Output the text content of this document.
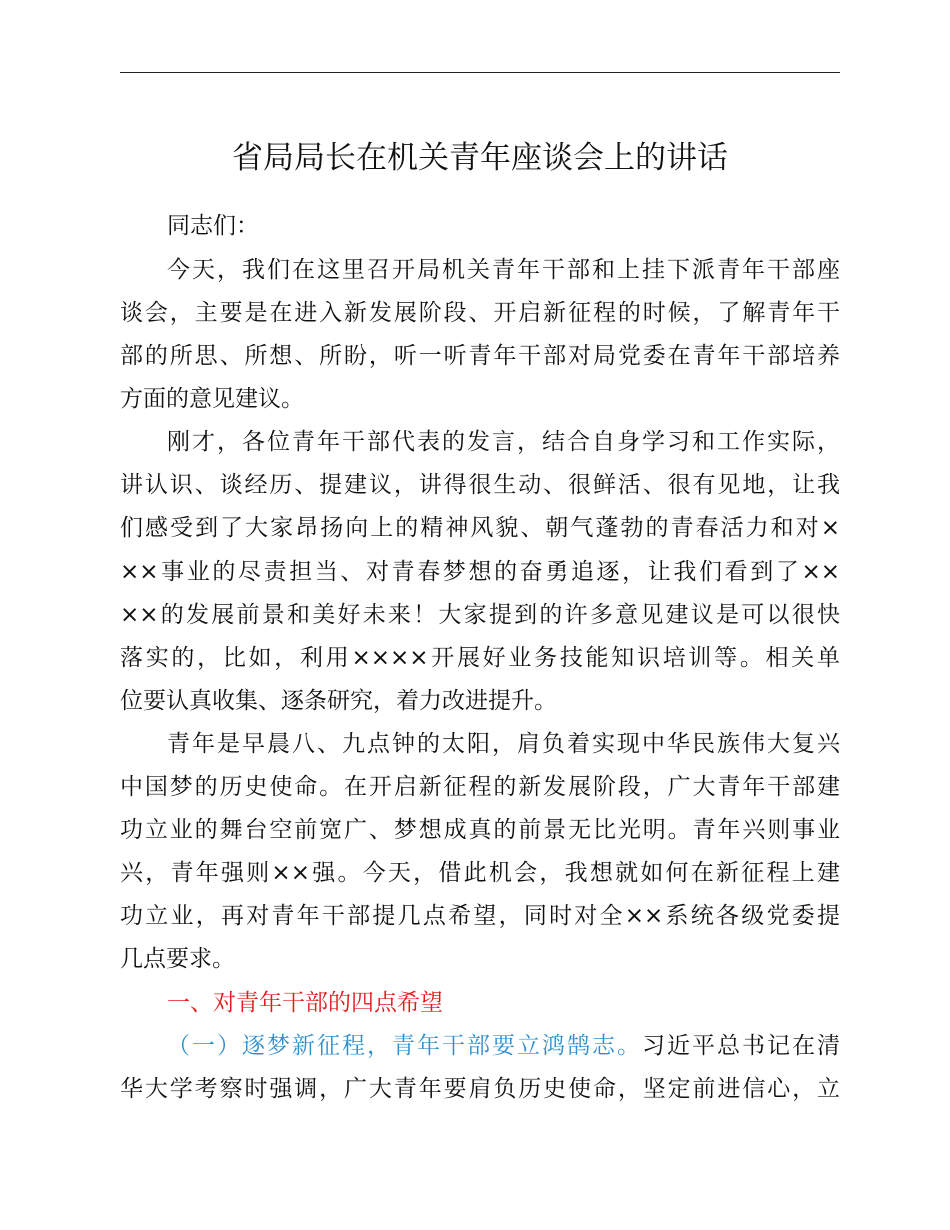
省局局长在机关青年座谈会上的讲话
同志们：
今天，我们在这里召开局机关青年干部和上挂下派青年干部座
谈会，主要是在进入新发展阶段、开启新征程的时候，了解青年干
部的所思、所想、所盼，听一听青年干部对局党委在青年干部培养
方面的意见建议。
刚才，各位青年干部代表的发言，结合自身学习和工作实际，
讲认识、谈经历、提建议，讲得很生动、很鲜活、很有见地，让我
们感受到了大家昂扬向上的精神风貌、朝气蓬勃的青春活力和对×
××事业的尽责担当、对青春梦想的奋勇追逐，让我们看到了××
××的发展前景和美好未来！大家提到的许多意见建议是可以很快
落实的，比如，利用××××开展好业务技能知识培训等。相关单
位要认真收集、逐条研究，着力改进提升。
青年是早晨八、九点钟的太阳，肩负着实现中华民族伟大复兴
中国梦的历史使命。在开启新征程的新发展阶段，广大青年干部建
功立业的舞台空前宽广、梦想成真的前景无比光明。青年兴则事业
兴，青年强则××强。今天，借此机会，我想就如何在新征程上建
功立业，再对青年干部提几点希望，同时对全××系统各级党委提
几点要求。
一、对青年干部的四点希望
（一）逐梦新征程，青年干部要立鸿鹄志。习近平总书记在清
华大学考察时强调，广大青年要肩负历史使命，坚定前进信心，立
